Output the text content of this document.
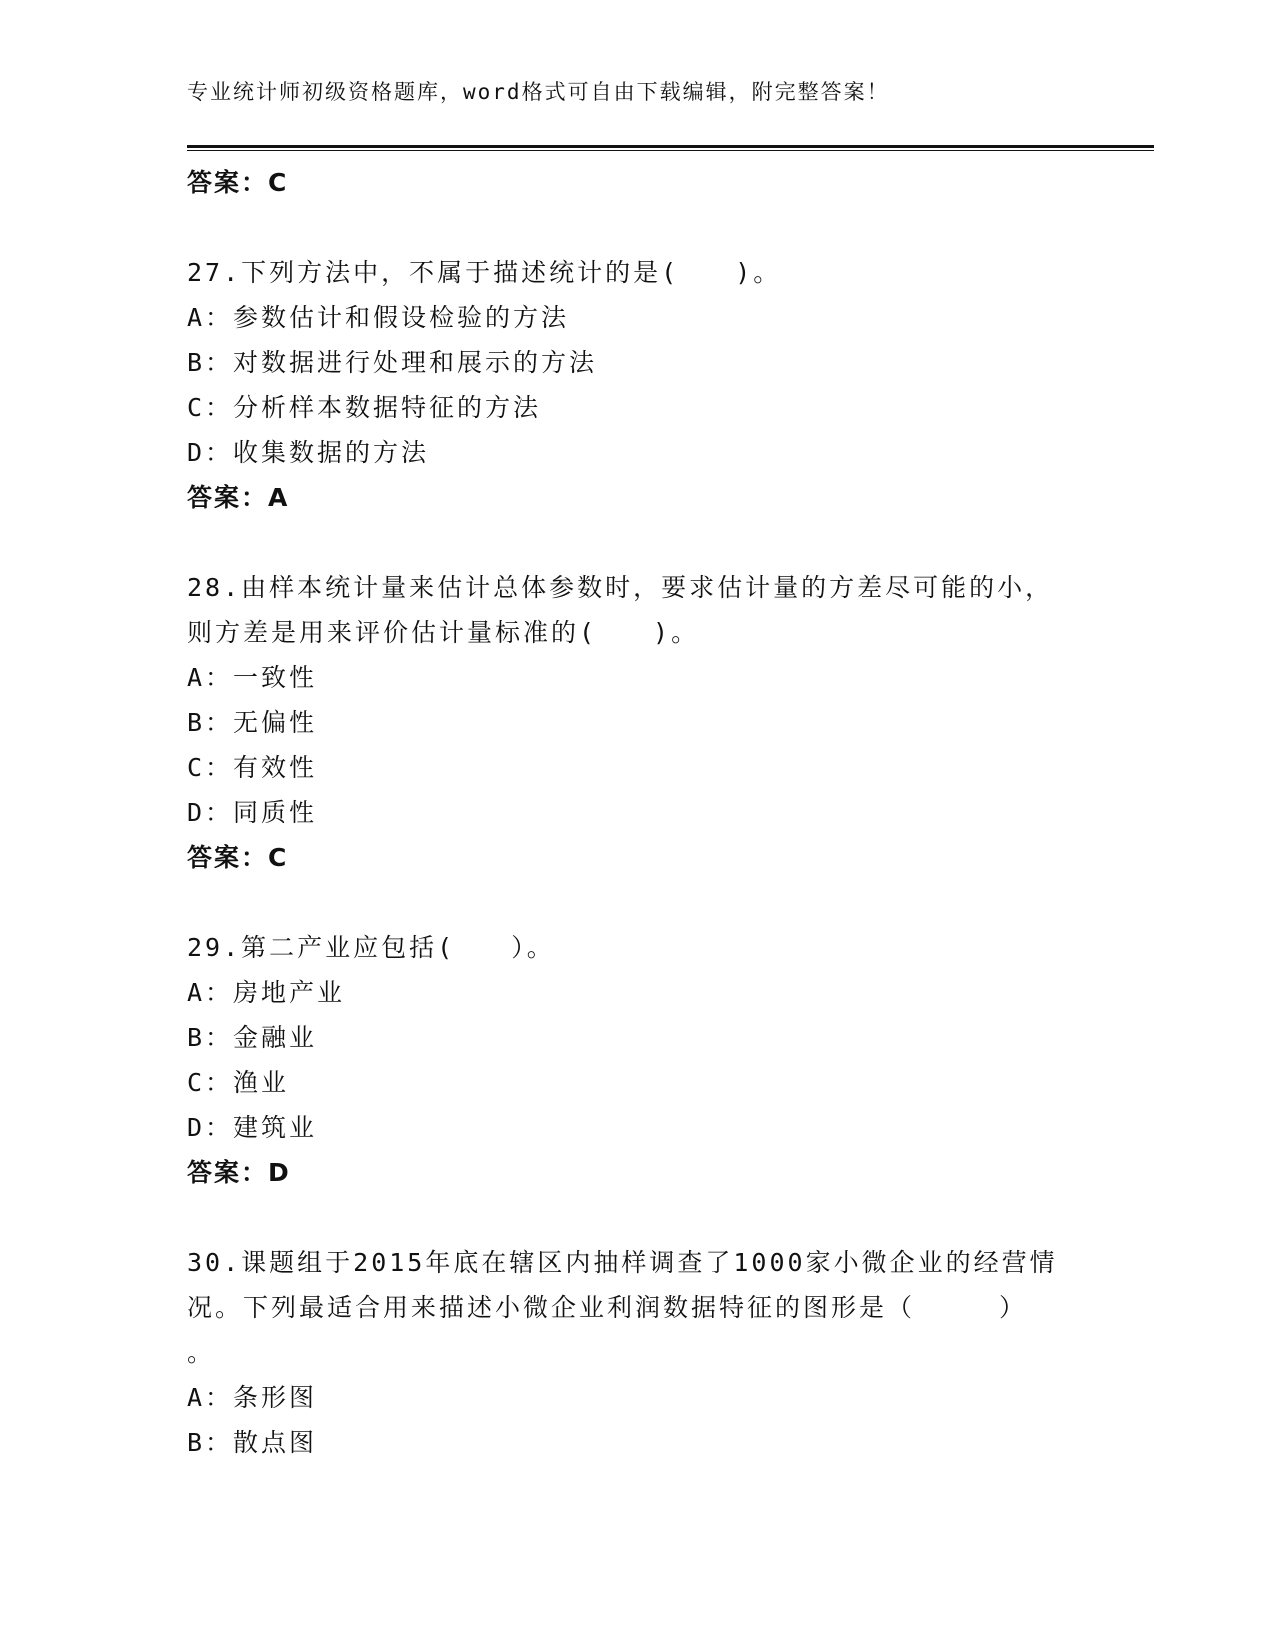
专业统计师初级资格题库，word格式可自由下载编辑，附完整答案！

答案：C

27.下列方法中，不属于描述统计的是(　　)。

A：参数估计和假设检验的方法

B：对数据进行处理和展示的方法

C：分析样本数据特征的方法

D：收集数据的方法

答案：A

28.由样本统计量来估计总体参数时，要求估计量的方差尽可能的小，

则方差是用来评价估计量标准的(　　)。

A：一致性

B：无偏性

C：有效性

D：同质性

答案：C

29.第二产业应包括(　　）。

A：房地产业

B：金融业

C：渔业

D：建筑业

答案：D

30.课题组于2015年底在辖区内抽样调查了1000家小微企业的经营情

况。下列最适合用来描述小微企业利润数据特征的图形是（　　　）

。

A：条形图

B：散点图
